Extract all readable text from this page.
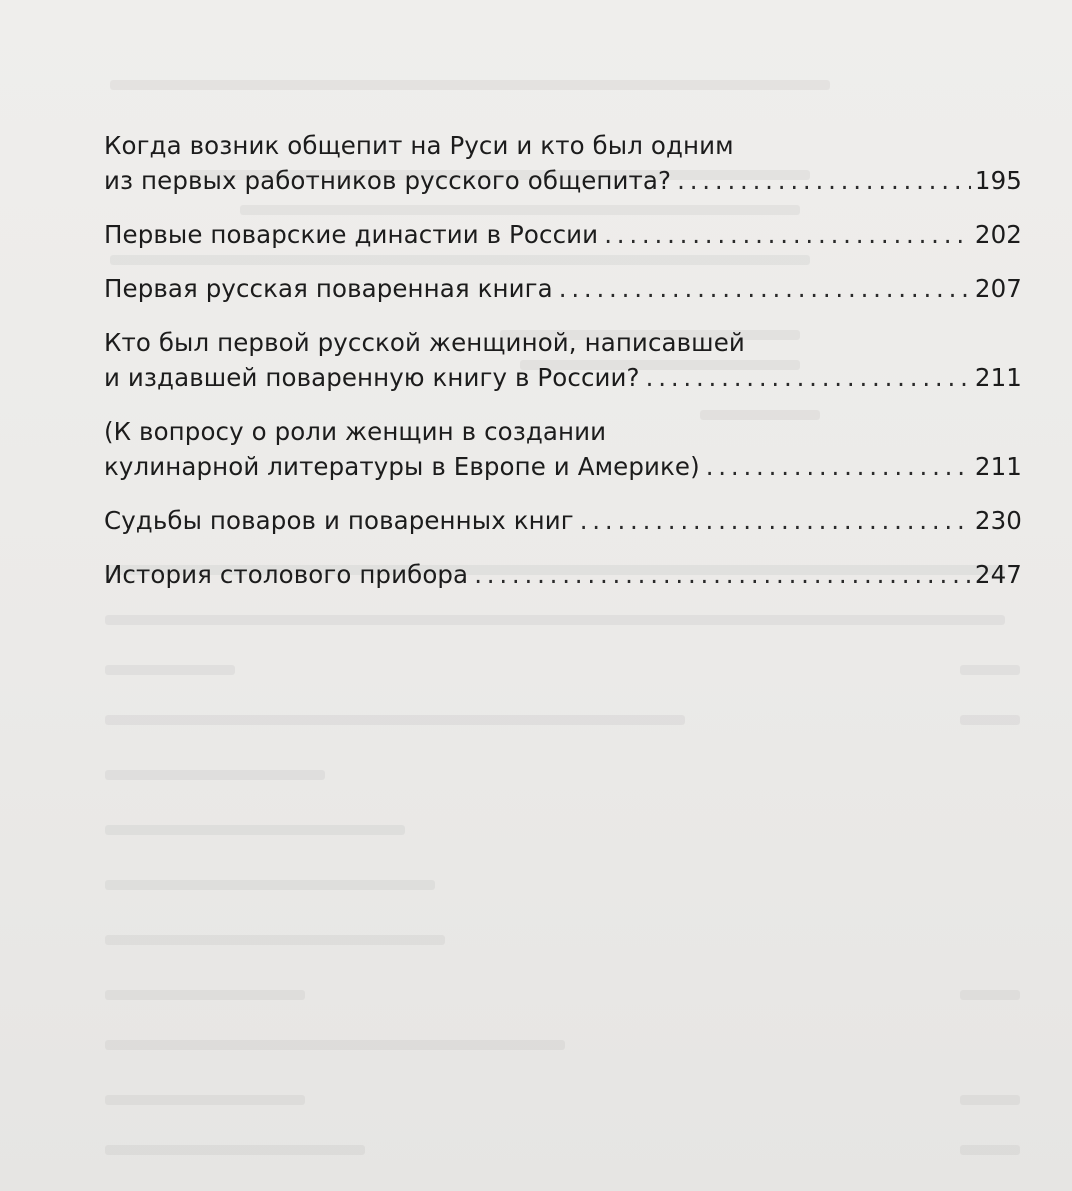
Когда возник общепит на Руси и кто был одним
из первых работников русского общепита? . . .	195
Первые поварские династии в России . . .	202
Первая русская поваренная книга . . .	207
Кто был первой русской женщиной, написавшей
и издавшей поваренную книгу в России? . . .	211
(К вопросу о роли женщин в создании
кулинарной литературы в Европе и Америке) . . .	211
Судьбы поваров и поваренных книг . . .	230
История столового прибора . . .	247
